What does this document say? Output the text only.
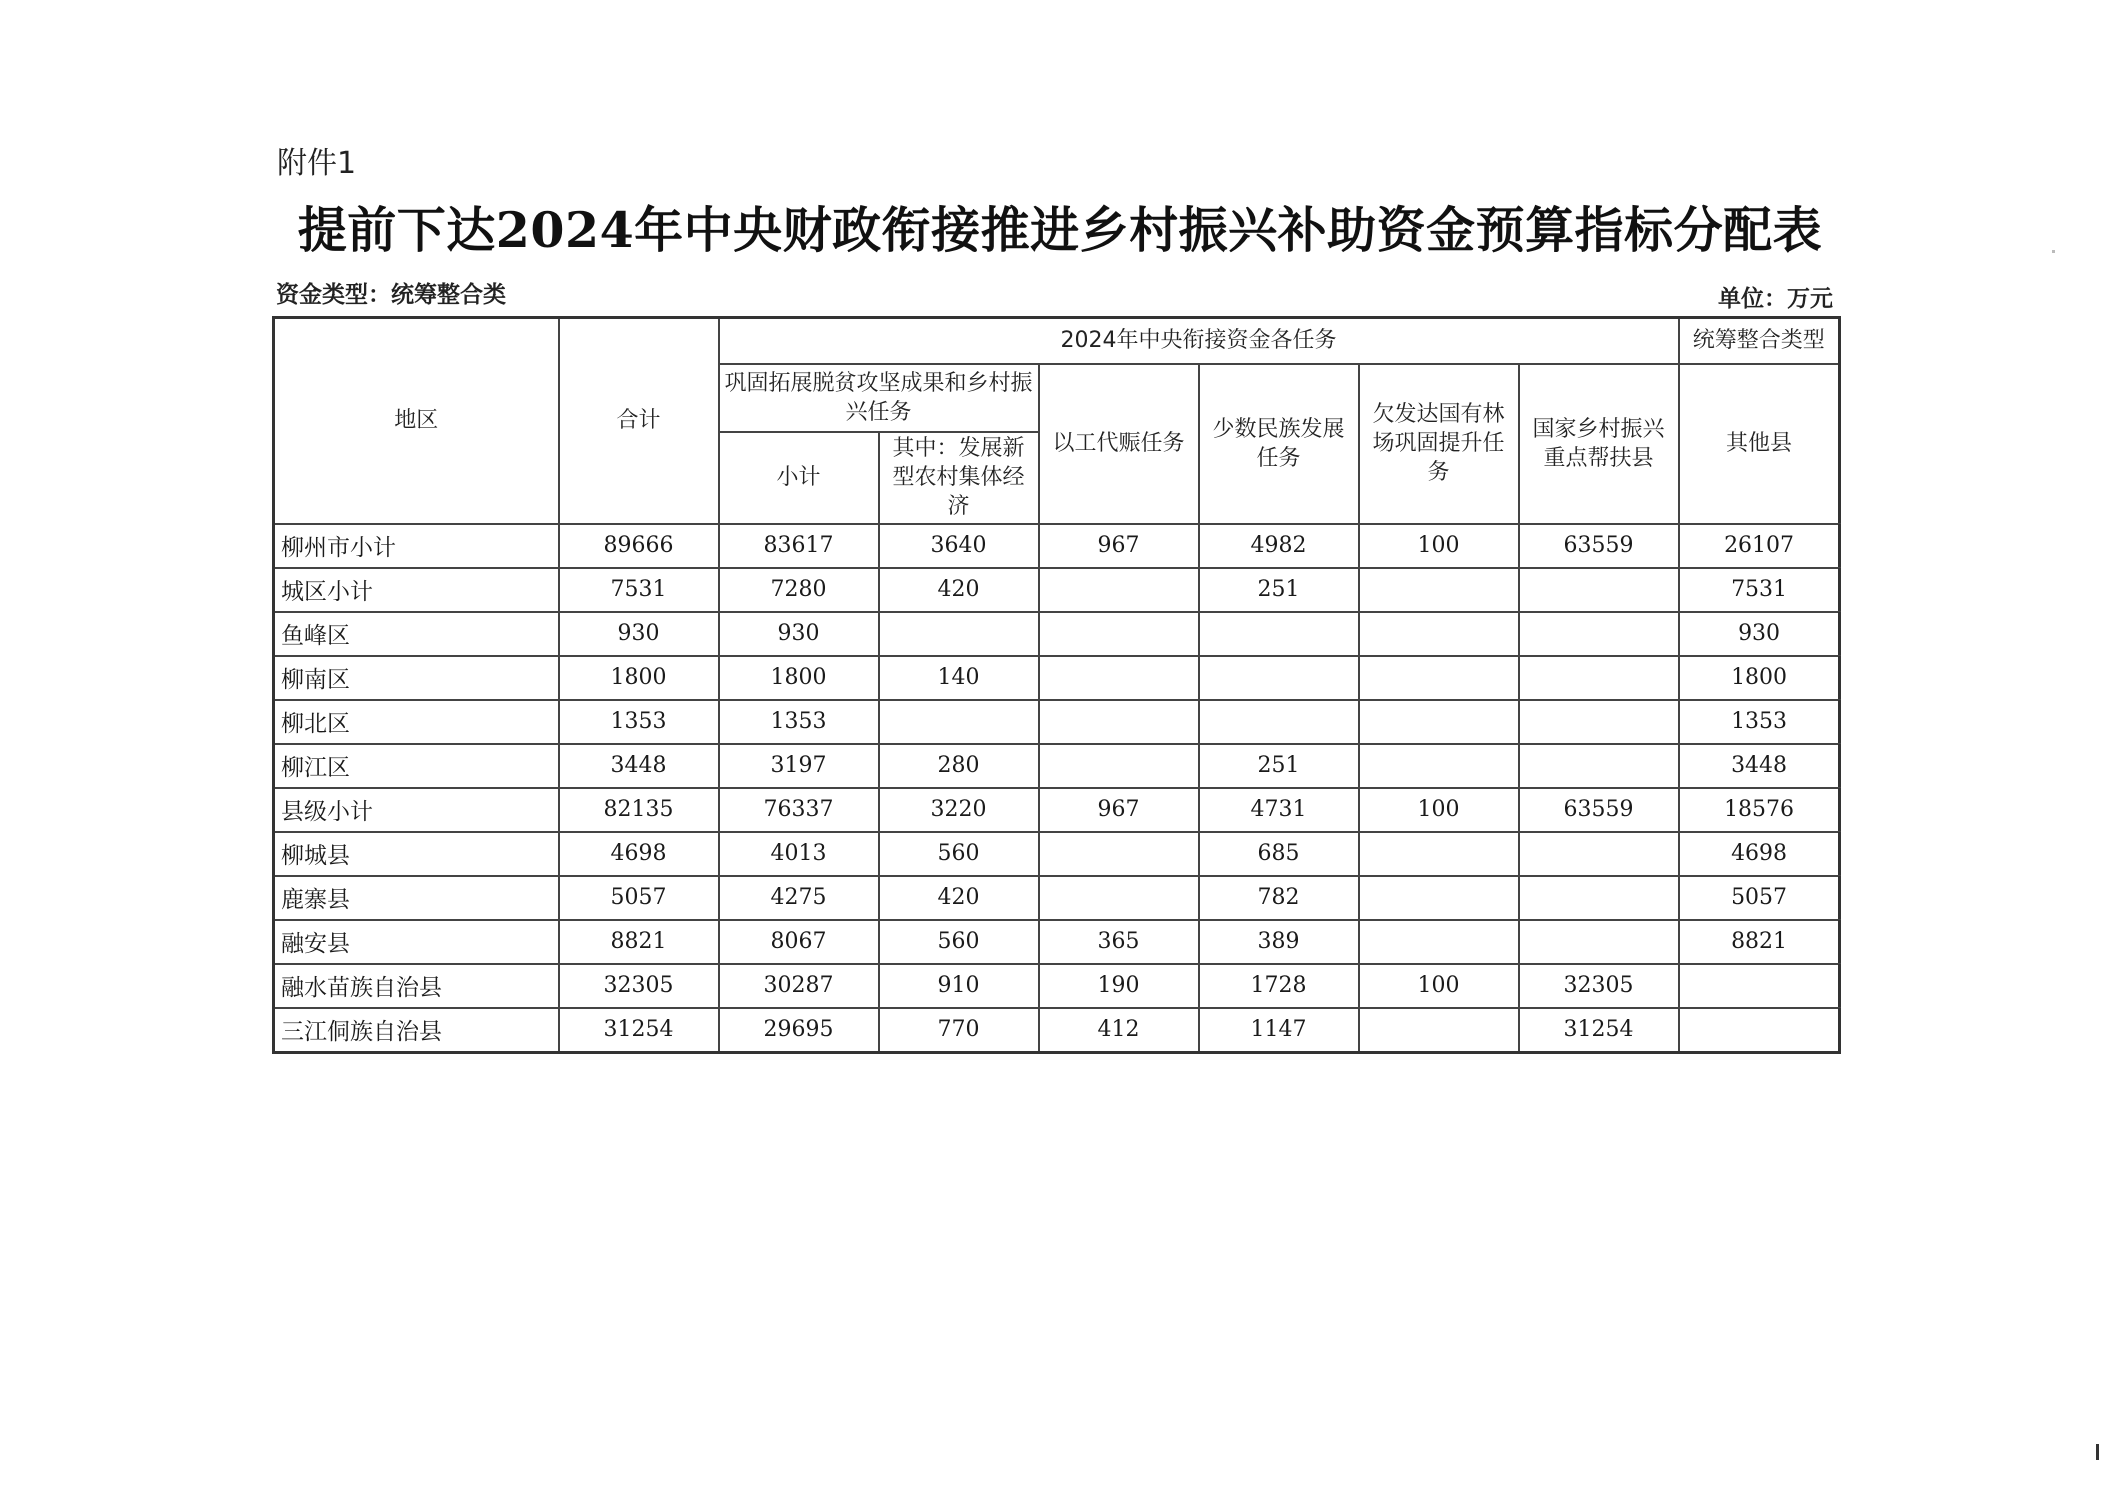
附件1
提前下达2024年中央财政衔接推进乡村振兴补助资金预算指标分配表
资金类型：统筹整合类	单位：万元
地区	合计	2024年中央衔接资金各任务						统筹整合类型
		巩固拓展脱贫攻坚成果和乡村振兴任务		以工代赈任务	少数民族发展任务	欠发达国有林场巩固提升任务	国家乡村振兴重点帮扶县	其他县
		小计	其中：发展新型农村集体经济					
柳州市小计	89666	83617	3640	967	4982	100	63559	26107
城区小计	7531	7280	420		251			7531
鱼峰区	930	930						930
柳南区	1800	1800	140					1800
柳北区	1353	1353						1353
柳江区	3448	3197	280		251			3448
县级小计	82135	76337	3220	967	4731	100	63559	18576
柳城县	4698	4013	560		685			4698
鹿寨县	5057	4275	420		782			5057
融安县	8821	8067	560	365	389			8821
融水苗族自治县	32305	30287	910	190	1728	100	32305	
三江侗族自治县	31254	29695	770	412	1147		31254	
